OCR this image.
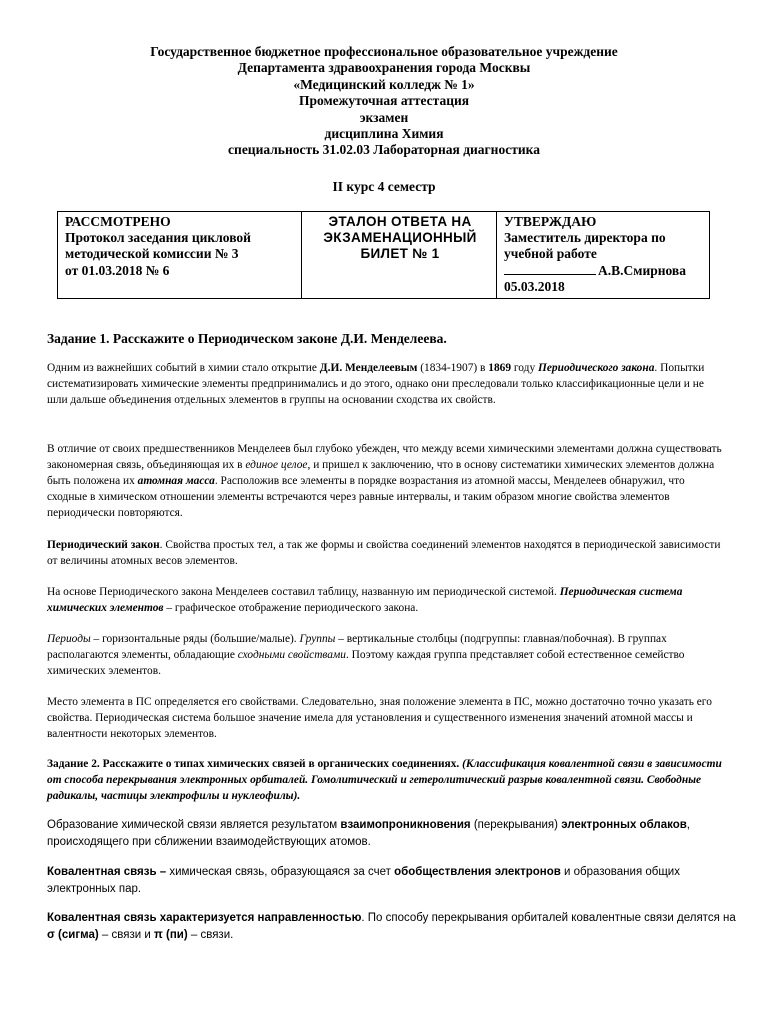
Государственное бюджетное профессиональное образовательное учреждение
Департамента здравоохранения города Москвы
«Медицинский колледж № 1»
Промежуточная аттестация
экзамен
дисциплина Химия
специальность 31.02.03 Лабораторная диагностика
II курс 4 семестр
РАССМОТРЕНО
Протокол заседания цикловой
методической комиссии № 3
от 01.03.2018 № 6

ЭТАЛОН ОТВЕТА НА
ЭКЗАМЕНАЦИОННЫЙ
БИЛЕТ № 1

УТВЕРЖДАЮ
Заместитель директора по
учебной работе
А.В.Смирнова
05.03.2018
Задание 1. Расскажите о Периодическом законе Д.И. Менделеева.
Одним из важнейших событий в химии стало открытие Д.И. Менделеевым (1834-1907) в 1869 году Периодического закона. Попытки систематизировать химические элементы предпринимались и до этого, однако они преследовали только классификационные цели и не шли дальше объединения отдельных элементов в группы на основании сходства их свойств.
В отличие от своих предшественников Менделеев был глубоко убежден, что между всеми химическими элементами должна существовать закономерная связь, объединяющая их в единое целое, и пришел к заключению, что в основу систематики химических элементов должна быть положена их атомная масса. Расположив все элементы в порядке возрастания из атомной массы, Менделеев обнаружил, что сходные в химическом отношении элементы встречаются через равные интервалы, и таким образом многие свойства элементов периодически повторяются.
Периодический закон. Свойства простых тел, а так же формы и свойства соединений элементов находятся в периодической зависимости от величины атомных весов элементов.
На основе Периодического закона Менделеев составил таблицу, названную им периодической системой. Периодическая система химических элементов – графическое отображение периодического закона.
Периоды – горизонтальные ряды (большие/малые). Группы – вертикальные столбцы (подгруппы: главная/побочная). В группах располагаются элементы, обладающие сходными свойствами. Поэтому каждая группа представляет собой естественное семейство химических элементов.
Место элемента в ПС определяется его свойствами. Следовательно, зная положение элемента в ПС, можно достаточно точно указать его свойства. Периодическая система большое значение имела для установления и существенного изменения значений атомной массы и валентности некоторых элементов.
Задание 2. Расскажите о типах химических связей в органических соединениях. (Классификация ковалентной связи в зависимости от способа перекрывания электронных орбиталей. Гомолитический и гетеролитический разрыв ковалентной связи. Свободные радикалы, частицы электрофилы и нуклеофилы).
Образование химической связи является результатом взаимопроникновения (перекрывания) электронных облаков, происходящего при сближении взаимодействующих атомов.
Ковалентная связь – химическая связь, образующаяся за счет обобществления электронов и образования общих электронных пар.
Ковалентная связь характеризуется направленностью. По способу перекрывания орбиталей ковалентные связи делятся на σ (сигма) – связи и π (пи) – связи.
